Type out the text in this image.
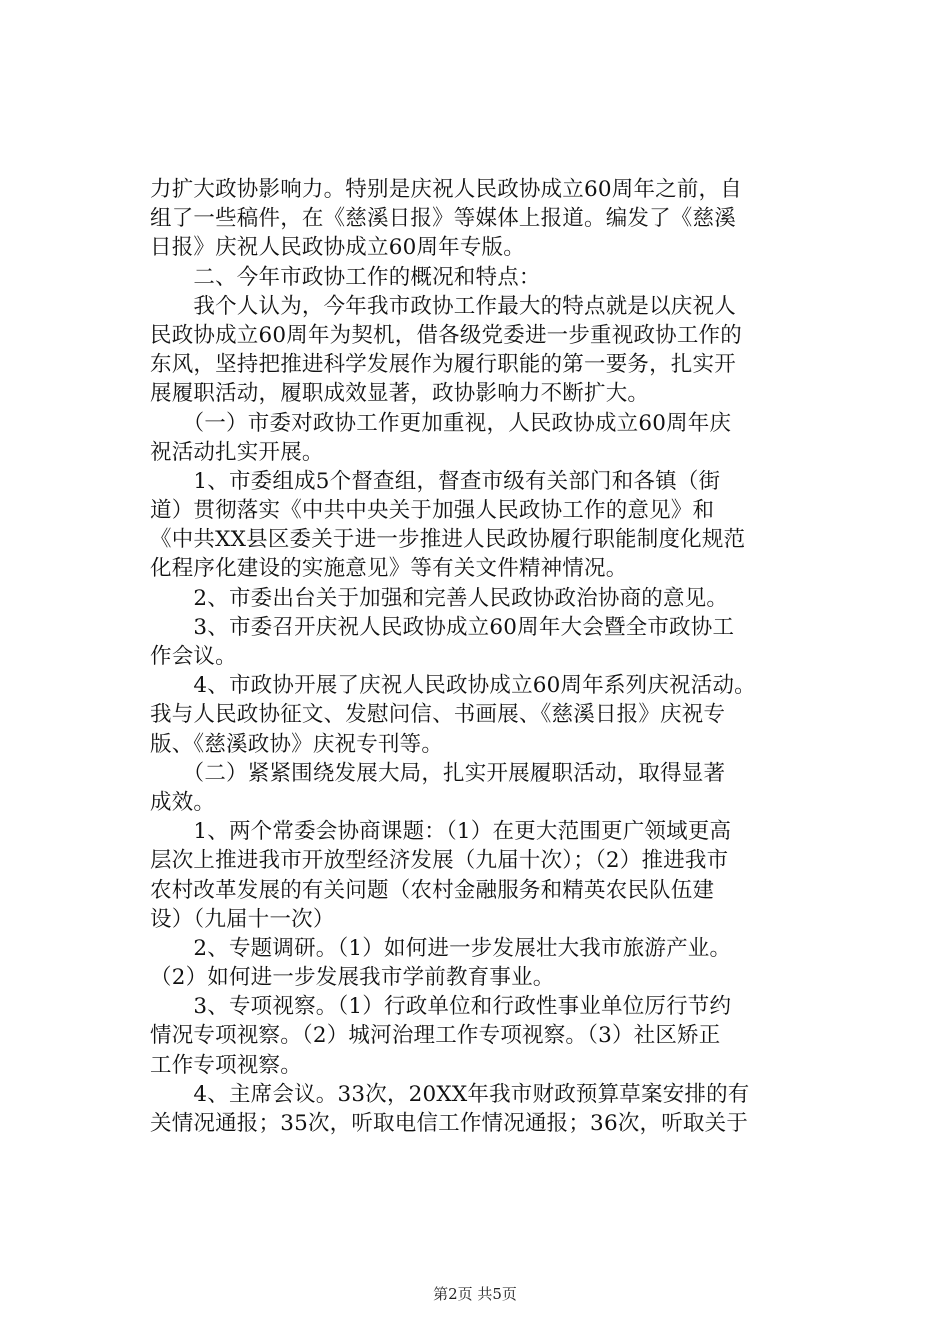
力扩大政协影响力。特别是庆祝人民政协成立60周年之前，自
组了一些稿件，在《慈溪日报》等媒体上报道。编发了《慈溪
日报》庆祝人民政协成立60周年专版。
　　二、今年市政协工作的概况和特点：
　　我个人认为，今年我市政协工作最大的特点就是以庆祝人
民政协成立60周年为契机，借各级党委进一步重视政协工作的
东风，坚持把推进科学发展作为履行职能的第一要务，扎实开
展履职活动，履职成效显著，政协影响力不断扩大。
　　（一）市委对政协工作更加重视，人民政协成立60周年庆
祝活动扎实开展。
　　1、市委组成5个督查组，督查市级有关部门和各镇（街
道）贯彻落实《中共中央关于加强人民政协工作的意见》和
《中共XX县区委关于进一步推进人民政协履行职能制度化规范
化程序化建设的实施意见》等有关文件精神情况。
　　2、市委出台关于加强和完善人民政协政治协商的意见。
　　3、市委召开庆祝人民政协成立60周年大会暨全市政协工
作会议。
　　4、市政协开展了庆祝人民政协成立60周年系列庆祝活动。
我与人民政协征文、发慰问信、书画展、《慈溪日报》庆祝专
版、《慈溪政协》庆祝专刊等。
　　（二）紧紧围绕发展大局，扎实开展履职活动，取得显著
成效。
　　1、两个常委会协商课题：（1）在更大范围更广领域更高
层次上推进我市开放型经济发展（九届十次）；（2）推进我市
农村改革发展的有关问题（农村金融服务和精英农民队伍建
设）（九届十一次）
　　2、专题调研。（1）如何进一步发展壮大我市旅游产业。
（2）如何进一步发展我市学前教育事业。
　　3、专项视察。（1）行政单位和行政性事业单位厉行节约
情况专项视察。（2）城河治理工作专项视察。（3）社区矫正
工作专项视察。
　　4、主席会议。33次，20XX年我市财政预算草案安排的有
关情况通报；35次，听取电信工作情况通报；36次，听取关于
第2页 共5页
